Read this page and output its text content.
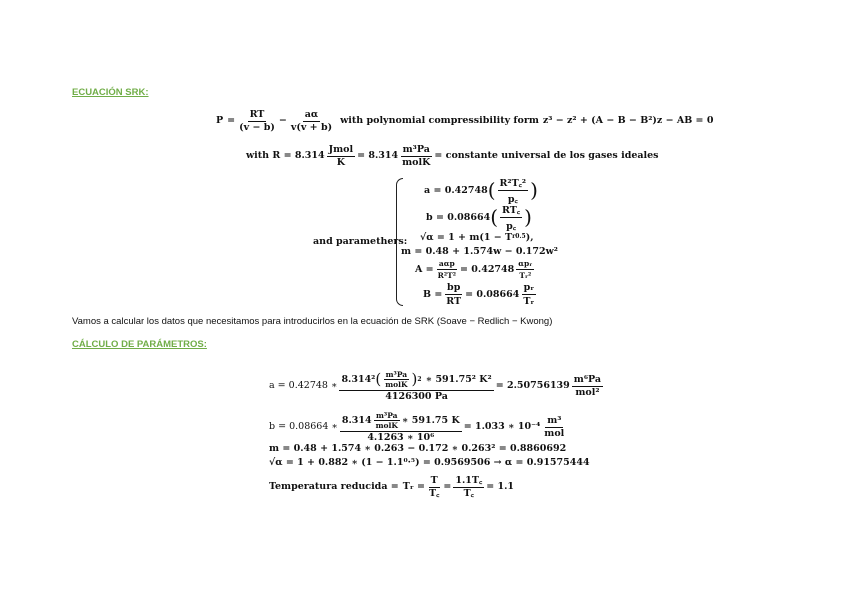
ECUACIÓN SRK:
$P = \frac{RT}{(v - b)} - \frac{a\alpha}{v(v + b)}$ with polynomial compressibility form z³ − z² + (A − B − B²)z − AB = 0
with $R = 8.314 \frac{\text{Jmol}}{K} = 8.314 \frac{\text{m³Pa}}{\text{molK}}$ = constante universal de los gases ideales
and paramethers:
a = 0.42748 ( $\frac{\text{R²T꜀²}}{p꜀}$ )
b = 0.08664 ( $\frac{RT꜀}{p꜀}$ )
√α = 1 + m(1 − T r 0.5 ),
m = 0.48 + 1.574w − 0.172w²
$A = \frac{\text{aαp}}{\text{R²T²}} = 0.42748 \frac{\text{αpᵣ}}{\text{Tᵣ²}}$
$B = \frac{bp}{RT} = 0.08664 \frac{\text{pᵣ}}{\text{Tᵣ}}$
Vamos a calcular los datos que necesitamos para introducirlos en la ecuación de SRK (Soave − Redlich − Kwong)
CÁLCULO DE PARÁMETROS:
a = 0.42748 ∗
8.314² ( $\frac{\text{m³Pa}}{\text{molK}}$ ) 2 ∗ 591.75² K²
4126300 Pa
= $2.50756139 \frac{\text{m⁶Pa}}{\text{mol²}}$
b = 0.08664 ∗
$8.314 \frac{\text{m³Pa}}{\text{molK}}$ ∗ 591.75 K
4.1263 ∗ 10⁶
= 1.033 ∗ $10^{-4} \frac{\text{m³}}{\text{mol}}$
m = 0.48 + 1.574 ∗ 0.263 − 0.172 ∗ 0.263² = 0.8860692
√α = 1 + 0.882 ∗ (1 − 1.1⁰·⁵) = 0.9569506 → α = 0.91575444
Temperatura reducida = Tᵣ = $\frac{T}{T꜀} = \frac{1.1T꜀}{T꜀} = 1.1$
